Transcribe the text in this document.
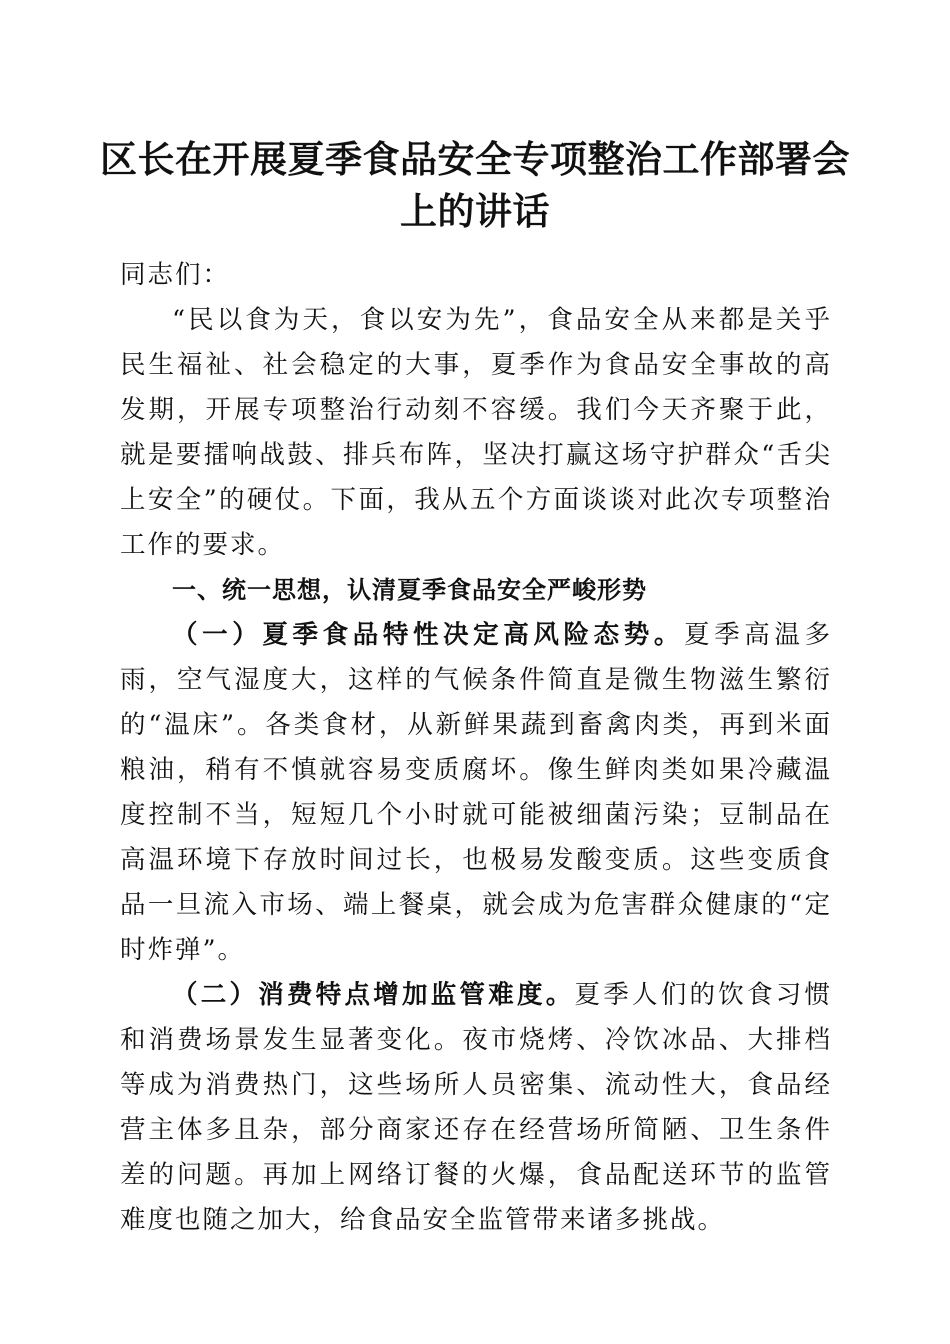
区长在开展夏季食品安全专项整治工作部署会上的讲话

同志们：

“民以食为天，食以安为先”，食品安全从来都是关乎民生福祉、社会稳定的大事，夏季作为食品安全事故的高发期，开展专项整治行动刻不容缓。我们今天齐聚于此，就是要擂响战鼓、排兵布阵，坚决打赢这场守护群众“舌尖上安全”的硬仗。下面，我从五个方面谈谈对此次专项整治工作的要求。

一、统一思想，认清夏季食品安全严峻形势

（一）夏季食品特性决定高风险态势。夏季高温多雨，空气湿度大，这样的气候条件简直是微生物滋生繁衍的“温床”。各类食材，从新鲜果蔬到畜禽肉类，再到米面粮油，稍有不慎就容易变质腐坏。像生鲜肉类如果冷藏温度控制不当，短短几个小时就可能被细菌污染；豆制品在高温环境下存放时间过长，也极易发酸变质。这些变质食品一旦流入市场、端上餐桌，就会成为危害群众健康的“定时炸弹”。

（二）消费特点增加监管难度。夏季人们的饮食习惯和消费场景发生显著变化。夜市烧烤、冷饮冰品、大排档等成为消费热门，这些场所人员密集、流动性大，食品经营主体多且杂，部分商家还存在经营场所简陋、卫生条件差的问题。再加上网络订餐的火爆，食品配送环节的监管难度也随之加大，给食品安全监管带来诸多挑战。
